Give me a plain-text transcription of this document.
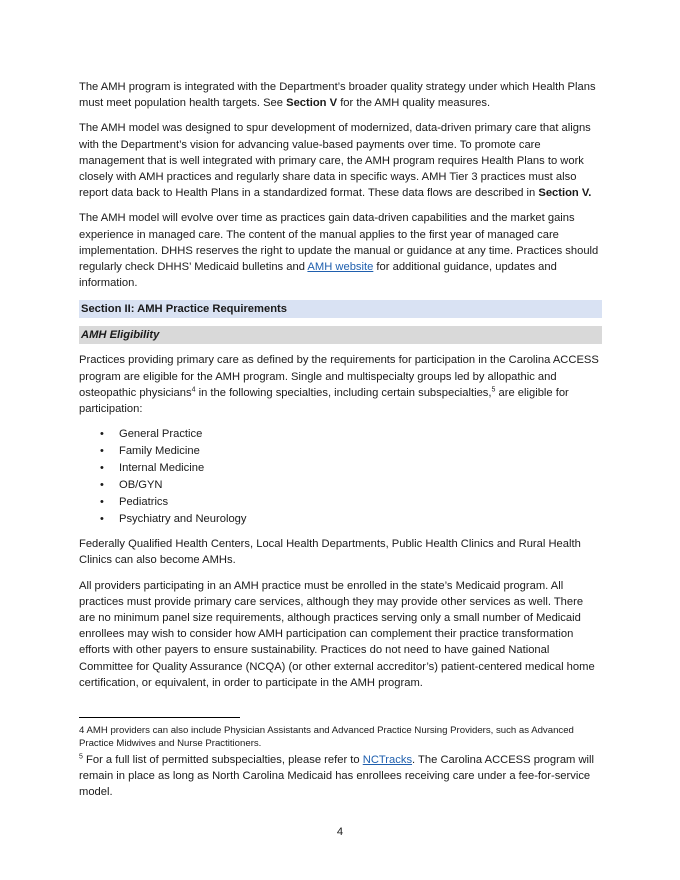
The AMH program is integrated with the Department’s broader quality strategy under which Health Plans must meet population health targets. See Section V for the AMH quality measures.

The AMH model was designed to spur development of modernized, data-driven primary care that aligns with the Department’s vision for advancing value-based payments over time. To promote care management that is well integrated with primary care, the AMH program requires Health Plans to work closely with AMH practices and regularly share data in specific ways. AMH Tier 3 practices must also report data back to Health Plans in a standardized format. These data flows are described in Section V.

The AMH model will evolve over time as practices gain data-driven capabilities and the market gains experience in managed care. The content of the manual applies to the first year of managed care implementation. DHHS reserves the right to update the manual or guidance at any time. Practices should regularly check DHHS’ Medicaid bulletins and AMH website for additional guidance, updates and information.

Section II: AMH Practice Requirements
AMH Eligibility

Practices providing primary care as defined by the requirements for participation in the Carolina ACCESS program are eligible for the AMH program. Single and multispecialty groups led by allopathic and osteopathic physicians$^4$ in the following specialties, including certain subspecialties,$^5$ are eligible for participation:

• General Practice
• Family Medicine
• Internal Medicine
• OB/GYN
• Pediatrics
• Psychiatry and Neurology

Federally Qualified Health Centers, Local Health Departments, Public Health Clinics and Rural Health Clinics can also become AMHs.

All providers participating in an AMH practice must be enrolled in the state’s Medicaid program. All practices must provide primary care services, although they may provide other services as well. There are no minimum panel size requirements, although practices serving only a small number of Medicaid enrollees may wish to consider how AMH participation can complement their practice transformation efforts with other payers to ensure sustainability. Practices do not need to have gained National Committee for Quality Assurance (NCQA) (or other external accreditor’s) patient-centered medical home certification, or equivalent, in order to participate in the AMH program.

4 AMH providers can also include Physician Assistants and Advanced Practice Nursing Providers, such as Advanced Practice Midwives and Nurse Practitioners.
$^5$ For a full list of permitted subspecialties, please refer to NCTracks. The Carolina ACCESS program will remain in place as long as North Carolina Medicaid has enrollees receiving care under a fee-for-service model.
4
